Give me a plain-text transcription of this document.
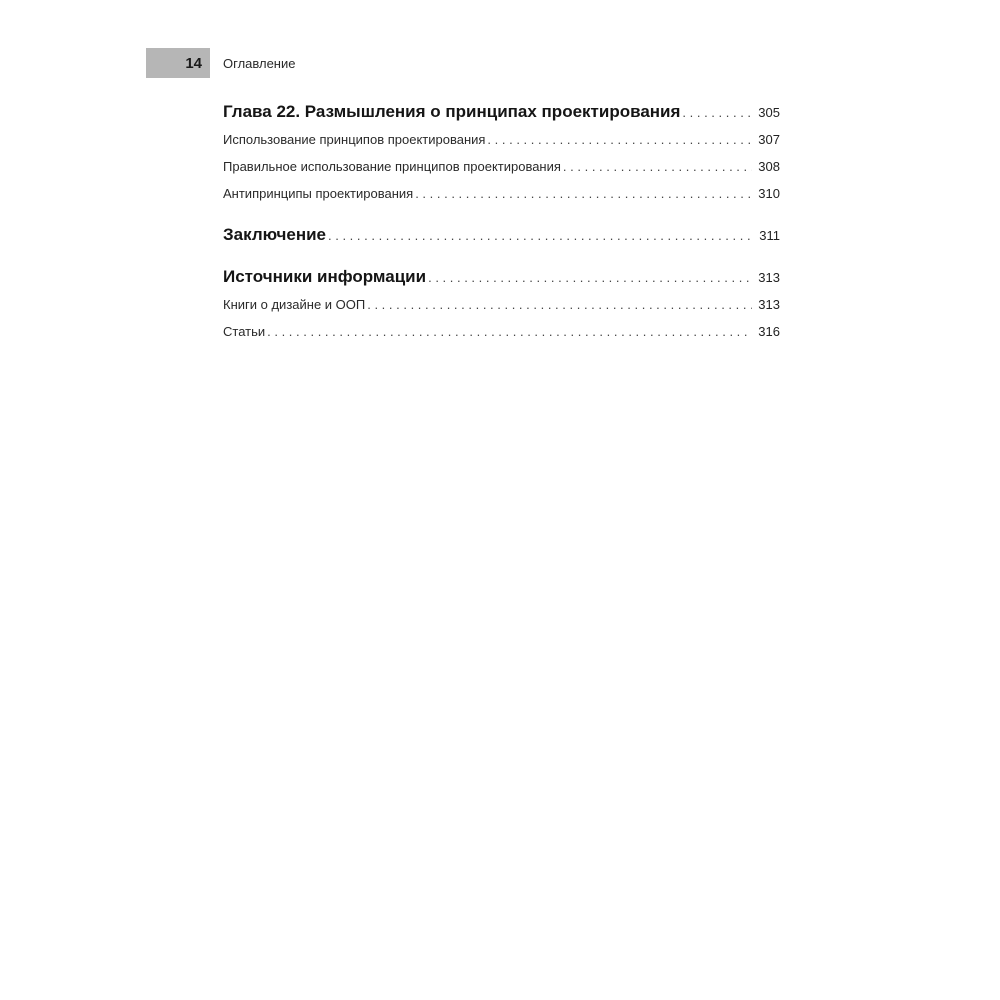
14	Оглавление
Глава 22. Размышления о принципах проектирования . . .	305
Использование принципов проектирования . . .	307
Правильное использование принципов проектирования . . .	308
Антипринципы проектирования . . .	310
Заключение . . .	311
Источники информации . . .	313
Книги о дизайне и ООП . . .	313
Статьи . . .	316
